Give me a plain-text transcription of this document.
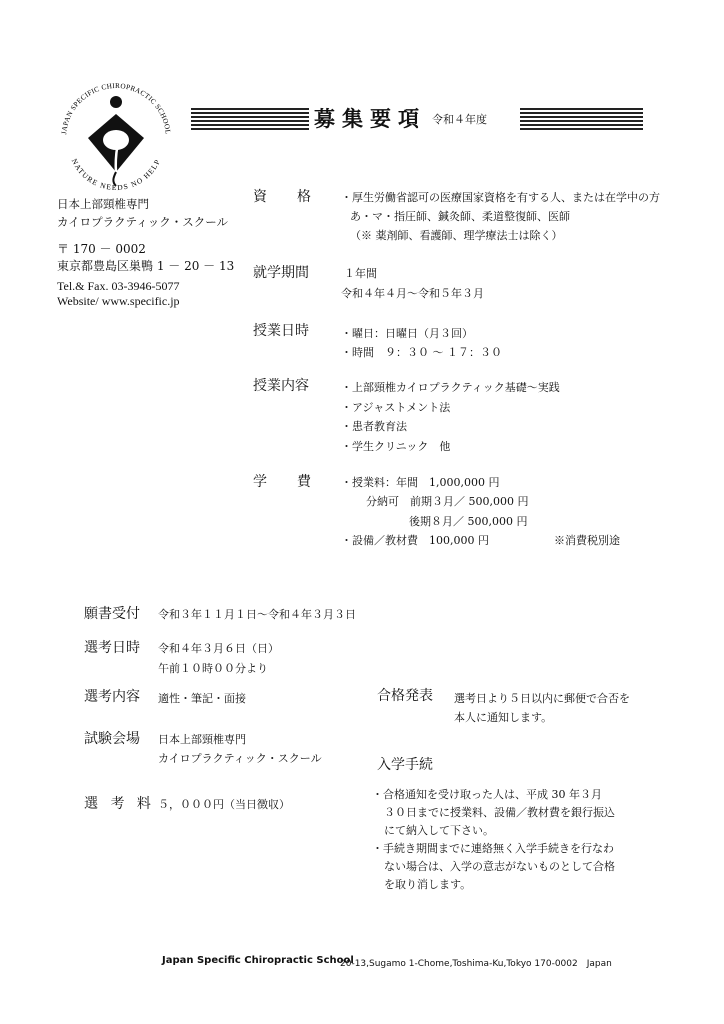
JAPAN SPECIFIC CHIROPRACTIC SCHOOL
NATURE NEEDS NO HELP
募集要項 令和４年度
日本上部頸椎専門
カイロプラクティック・スクール
〒 170 － 0002
東京都豊島区巣鴨 1 － 20 － 13
Tel.& Fax. 03-3946-5077
Website/ www.specific.jp
資 格	・厚生労働省認可の医療国家資格を有する人、または在学中の方
あ・マ・指圧師、鍼灸師、柔道整復師、医師
（※ 薬剤師、看護師、理学療法士は除く）
就学期間	１年間
令和４年４月～令和５年３月
授業日時	・曜日：日曜日（月３回）
・時間　９：３０ ～ １７：３０
授業内容	・上部頸椎カイロプラクティック基礎～実践
・アジャストメント法
・患者教育法
・学生クリニック　他
学 費	・授業料：年間　1,000,000 円
分納可　前期３月／ 500,000 円
後期８月／ 500,000 円
・設備／教材費　100,000 円	※消費税別途
願書受付 令和３年１１月１日～令和４年３月３日
選考日時 令和４年３月６日（日）
午前１０時００分より
選考内容 適性・筆記・面接
試験会場 日本上部頸椎専門
カイロプラクティック・スクール
選 考 料 ５，０００円（当日徴収）
合格発表 選考日より５日以内に郵便で合否を
本人に通知します。
入学手続
・合格通知を受け取った人は、平成 30 年３月
３０日までに授業料、設備／教材費を銀行振込
にて納入して下さい。
・手続き期間までに連絡無く入学手続きを行なわ
ない場合は、入学の意志がないものとして合格
を取り消します。
Japan Specific Chiropractic School
20-13,Sugamo 1-Chome,Toshima-Ku,Tokyo 170-0002　Japan
